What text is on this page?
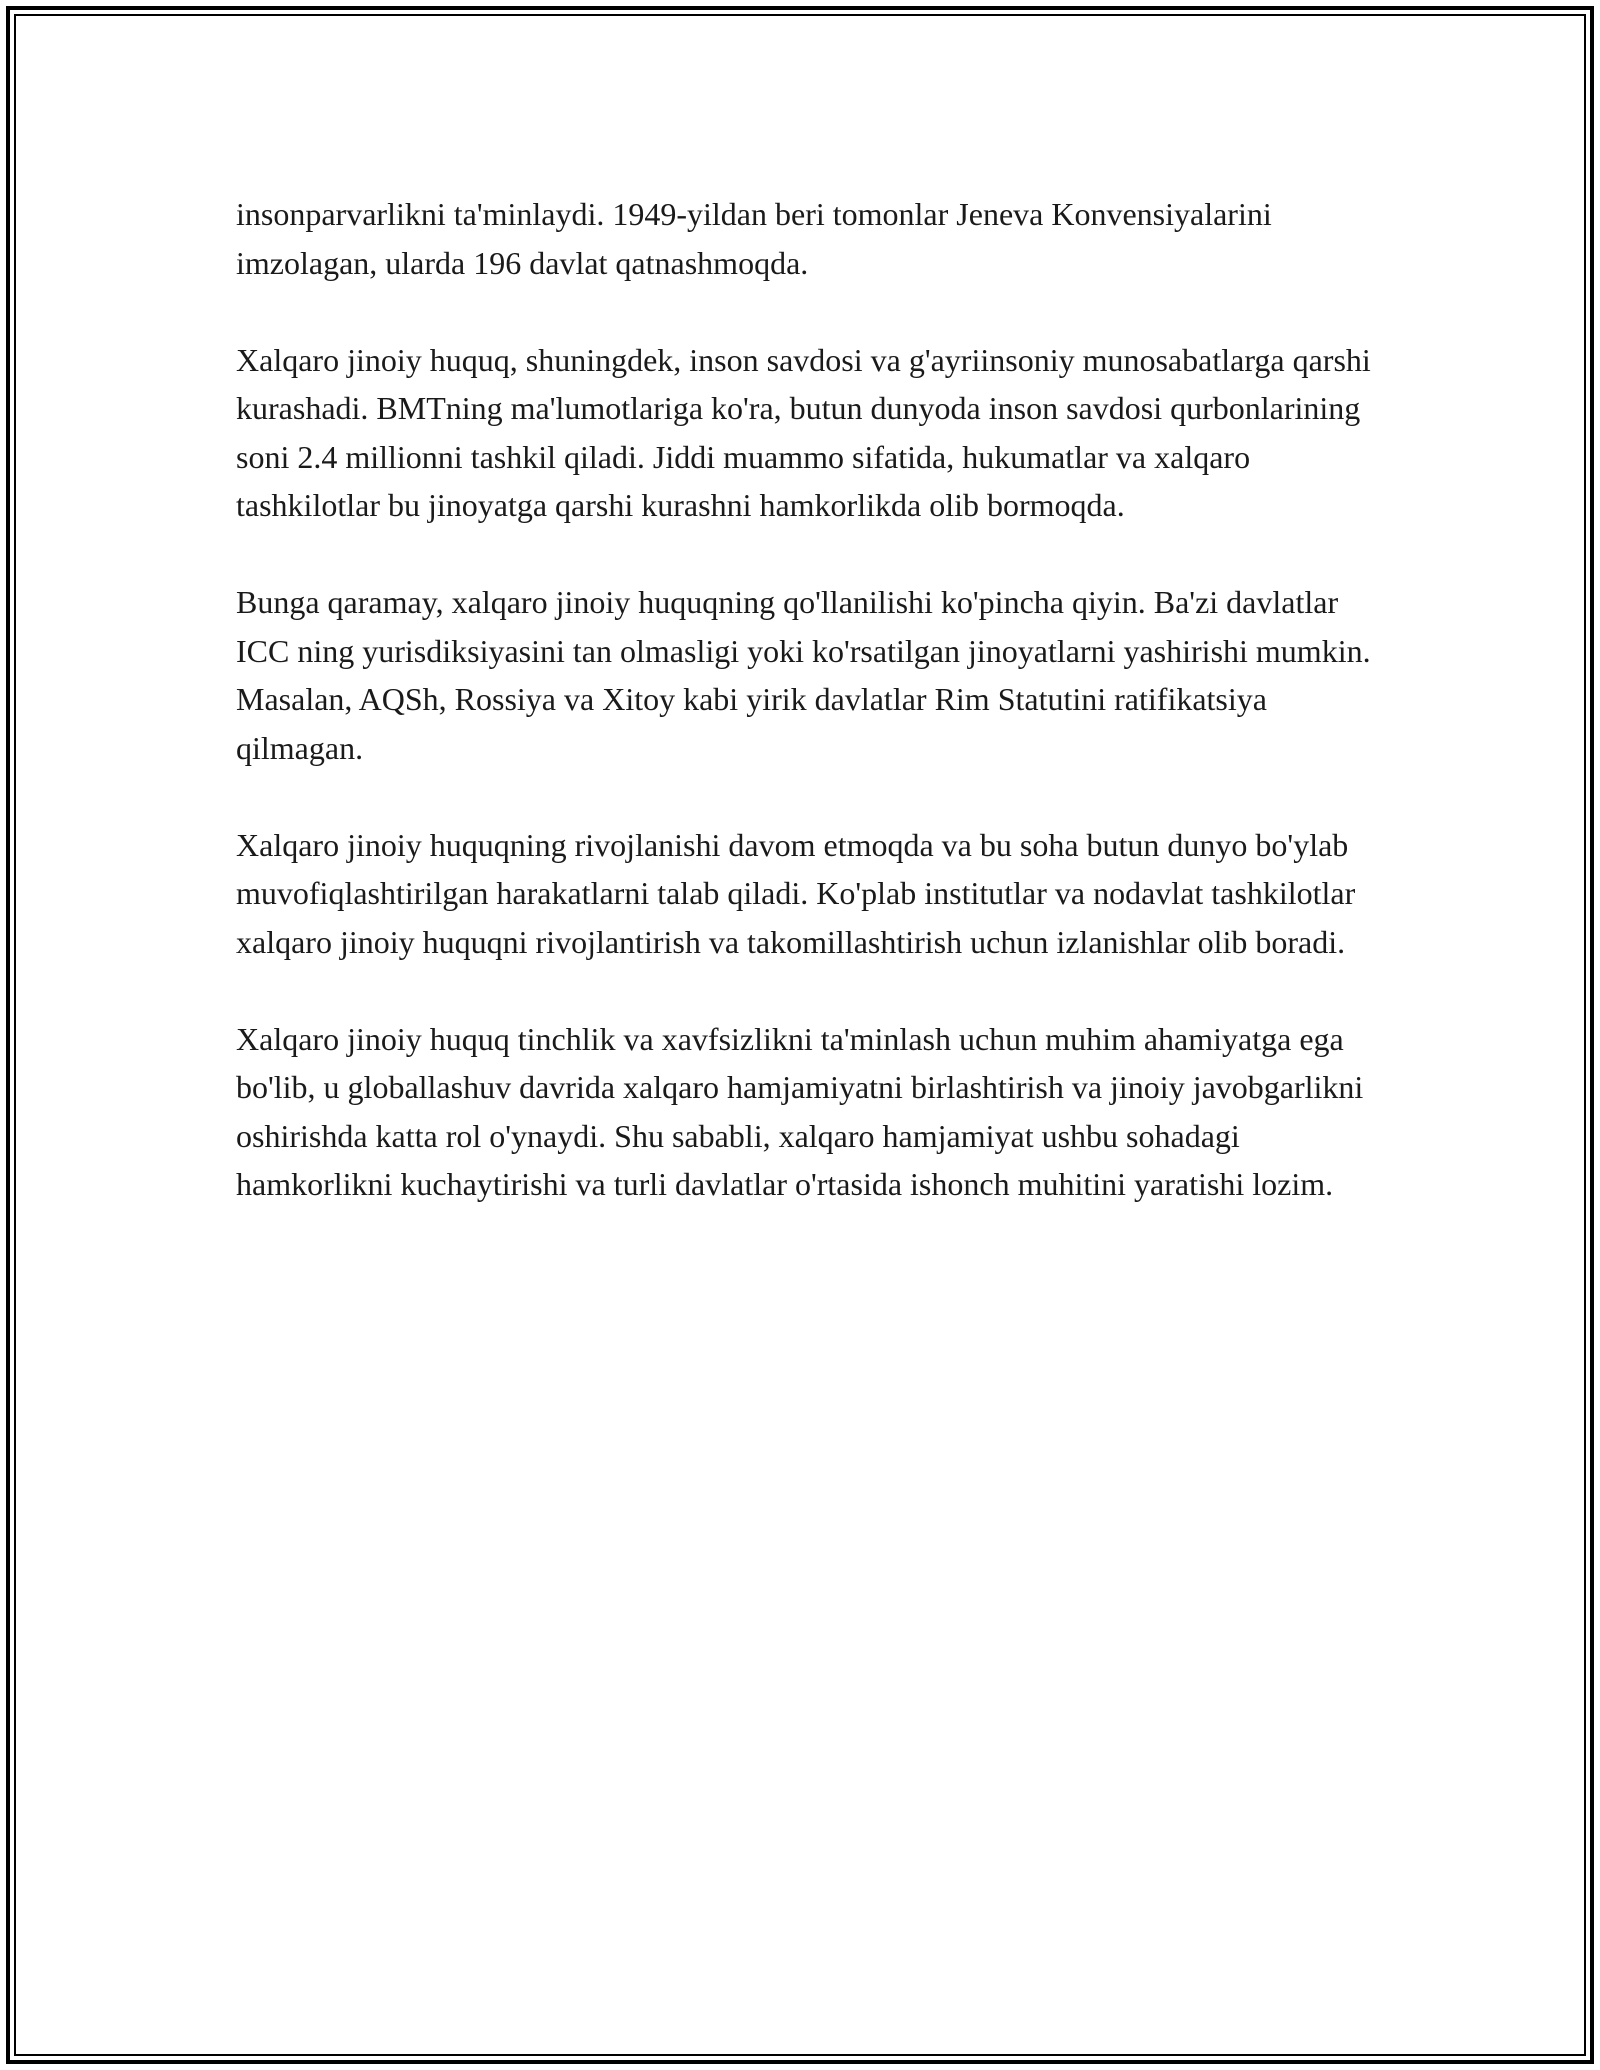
insonparvarlikni ta'minlaydi. 1949-yildan beri tomonlar Jeneva Konvensiyalarini imzolagan, ularda 196 davlat qatnashmoqda.

Xalqaro jinoiy huquq, shuningdek, inson savdosi va g'ayriinsoniy munosabatlarga qarshi kurashadi. BMTning ma'lumotlariga ko'ra, butun dunyoda inson savdosi qurbonlarining soni 2.4 millionni tashkil qiladi. Jiddi muammo sifatida, hukumatlar va xalqaro tashkilotlar bu jinoyatga qarshi kurashni hamkorlikda olib bormoqda.

Bunga qaramay, xalqaro jinoiy huquqning qo'llanilishi ko'pincha qiyin. Ba'zi davlatlar ICC ning yurisdiksiyasini tan olmasligi yoki ko'rsatilgan jinoyatlarni yashirishi mumkin. Masalan, AQSh, Rossiya va Xitoy kabi yirik davlatlar Rim Statutini ratifikatsiya qilmagan.

Xalqaro jinoiy huquqning rivojlanishi davom etmoqda va bu soha butun dunyo bo'ylab muvofiqlashtirilgan harakatlarni talab qiladi. Ko'plab institutlar va nodavlat tashkilotlar xalqaro jinoiy huquqni rivojlantirish va takomillashtirish uchun izlanishlar olib boradi.

Xalqaro jinoiy huquq tinchlik va xavfsizlikni ta'minlash uchun muhim ahamiyatga ega bo'lib, u globallashuv davrida xalqaro hamjamiyatni birlashtirish va jinoiy javobgarlikni oshirishda katta rol o'ynaydi. Shu sababli, xalqaro hamjamiyat ushbu sohadagi hamkorlikni kuchaytirishi va turli davlatlar o'rtasida ishonch muhitini yaratishi lozim.
